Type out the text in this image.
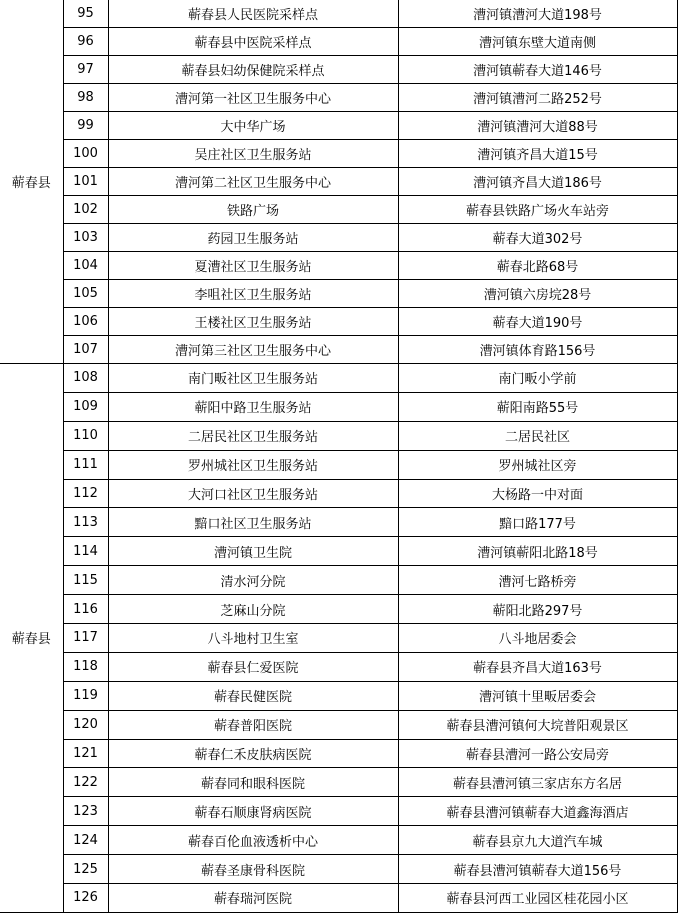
蕲春县	95	蕲春县人民医院采样点	漕河镇漕河大道198号
	96	蕲春县中医院采样点	漕河镇东壁大道南侧
	97	蕲春县妇幼保健院采样点	漕河镇蕲春大道146号
	98	漕河第一社区卫生服务中心	漕河镇漕河二路252号
	99	大中华广场	漕河镇漕河大道88号
	100	吴庄社区卫生服务站	漕河镇齐昌大道15号
	101	漕河第二社区卫生服务中心	漕河镇齐昌大道186号
	102	铁路广场	蕲春县铁路广场火车站旁
	103	药园卫生服务站	蕲春大道302号
	104	夏漕社区卫生服务站	蕲春北路68号
	105	李咀社区卫生服务站	漕河镇六房垸28号
	106	王楼社区卫生服务站	蕲春大道190号
	107	漕河第三社区卫生服务中心	漕河镇体育路156号
蕲春县	108	南门畈社区卫生服务站	南门畈小学前
	109	蕲阳中路卫生服务站	蕲阳南路55号
	110	二居民社区卫生服务站	二居民社区
	111	罗州城社区卫生服务站	罗州城社区旁
	112	大河口社区卫生服务站	大杨路一中对面
	113	黯口社区卫生服务站	黯口路177号
	114	漕河镇卫生院	漕河镇蕲阳北路18号
	115	清水河分院	漕河七路桥旁
	116	芝麻山分院	蕲阳北路297号
	117	八斗地村卫生室	八斗地居委会
	118	蕲春县仁爱医院	蕲春县齐昌大道163号
	119	蕲春民健医院	漕河镇十里畈居委会
	120	蕲春普阳医院	蕲春县漕河镇何大垸普阳观景区
	121	蕲春仁禾皮肤病医院	蕲春县漕河一路公安局旁
	122	蕲春同和眼科医院	蕲春县漕河镇三家店东方名居
	123	蕲春石顺康肾病医院	蕲春县漕河镇蕲春大道鑫海酒店
	124	蕲春百伦血液透析中心	蕲春县京九大道汽车城
	125	蕲春圣康骨科医院	蕲春县漕河镇蕲春大道156号
	126	蕲春瑞河医院	蕲春县河西工业园区桂花园小区
